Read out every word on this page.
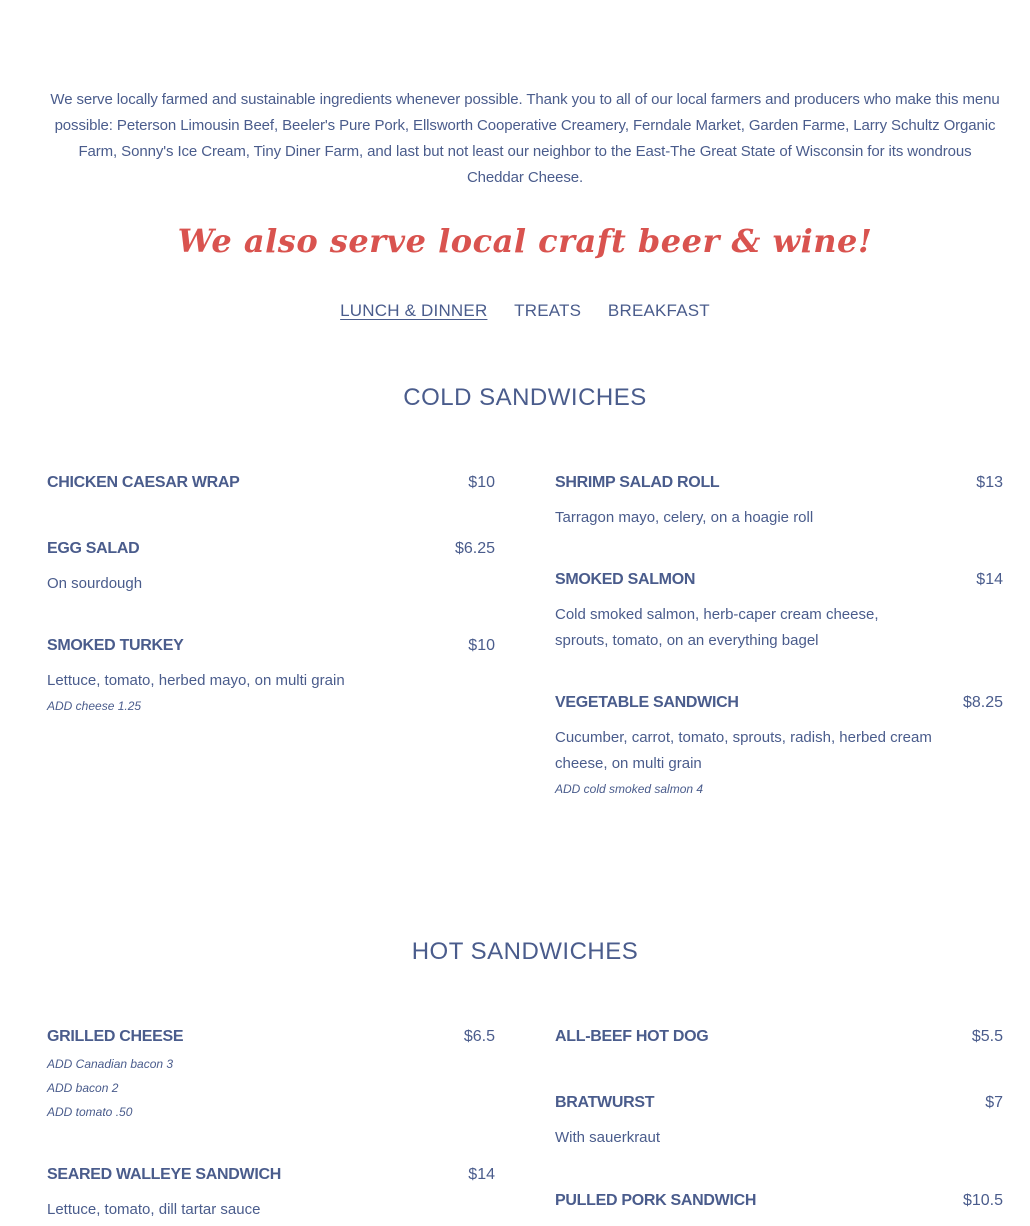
We serve locally farmed and sustainable ingredients whenever possible. Thank you to all of our local farmers and producers who make this menu possible: Peterson Limousin Beef, Beeler's Pure Pork, Ellsworth Cooperative Creamery, Ferndale Market, Garden Farme, Larry Schultz Organic Farm, Sonny's Ice Cream, Tiny Diner Farm, and last but not least our neighbor to the East-The Great State of Wisconsin for its wondrous Cheddar Cheese.
We also serve local craft beer & wine!
LUNCH & DINNER TREATS BREAKFAST
COLD SANDWICHES
CHICKEN CAESAR WRAP	$10
EGG SALAD	$6.25
On sourdough
SMOKED TURKEY	$10
Lettuce, tomato, herbed mayo, on multi grain
ADD cheese 1.25
SHRIMP SALAD ROLL	$13
Tarragon mayo, celery, on a hoagie roll
SMOKED SALMON	$14
Cold smoked salmon, herb-caper cream cheese, sprouts, tomato, on an everything bagel
VEGETABLE SANDWICH	$8.25
Cucumber, carrot, tomato, sprouts, radish, herbed cream cheese, on multi grain
ADD cold smoked salmon 4
HOT SANDWICHES
GRILLED CHEESE	$6.5
ADD Canadian bacon 3
ADD bacon 2
ADD tomato .50
SEARED WALLEYE SANDWICH	$14
Lettuce, tomato, dill tartar sauce
ALL-BEEF HOT DOG	$5.5
BRATWURST	$7
With sauerkraut
PULLED PORK SANDWICH	$10.5
